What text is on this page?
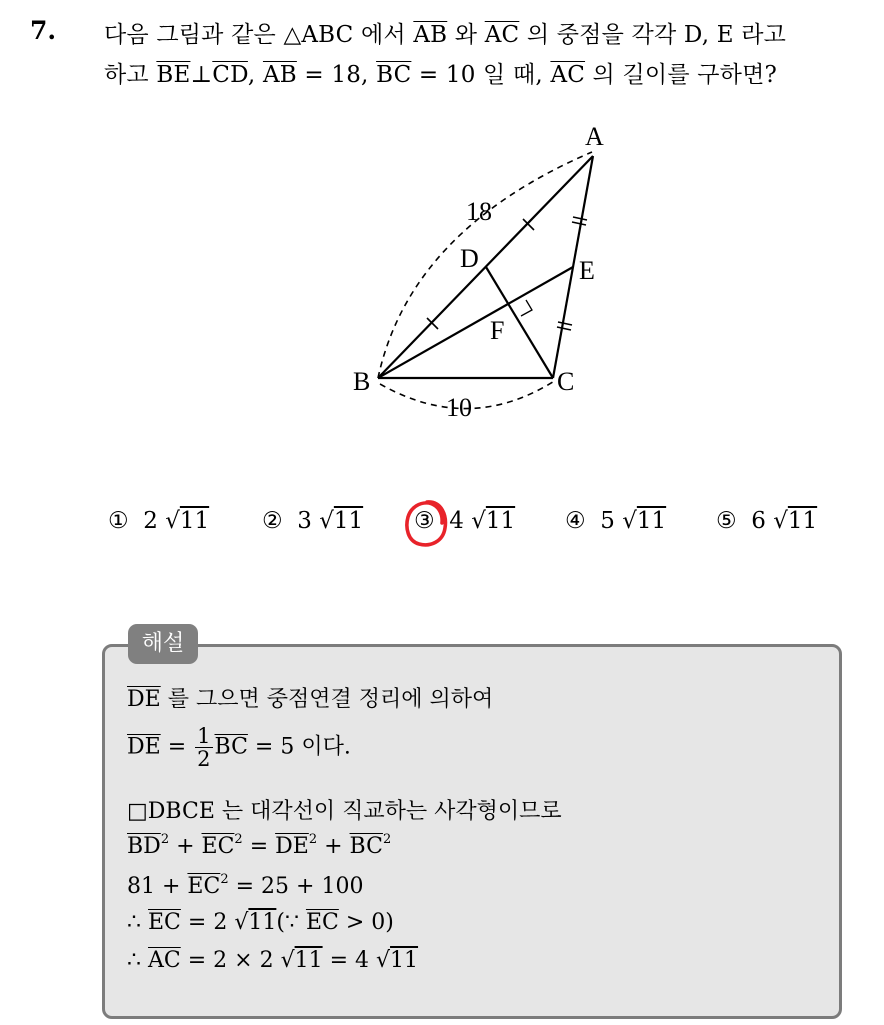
7. 다음 그림과 같은 △ABC 에서 $\overline{AB}$ 와 $\overline{AC}$ 의 중점을 각각 D, E 라고
하고 $\overline{BE}\perp\overline{CD}$, $\overline{AB} = 18$, $\overline{BC} = 10$ 일 때, $\overline{AC}$ 의 길이를 구하면?
A
B	C
D	E
F
18
10
① 2 √ 11 ② 3 √ 11 ③ 4 √ 11 ④ 5 √ 11 ⑤ 6 √ 11
해설
$\overline{DE}$ 를 그으면 중점연결 정리에 의하여
$\overline{DE} = \frac{1}{2} \overline{BC} = 5$ 이다.
□DBCE 는 대각선이 직교하는 사각형이므로
$\overline{BD}^2 + \overline{EC}^2 = \overline{DE}^2 + \overline{BC}^2$
$81 + \overline{EC}^2 = 25 + 100$
∴ $\overline{EC} = 2$ √ 11(∵ $\overline{EC} > 0$)
∴ $\overline{AC} = 2 \times 2$ √ 11 = 4 √ 11
